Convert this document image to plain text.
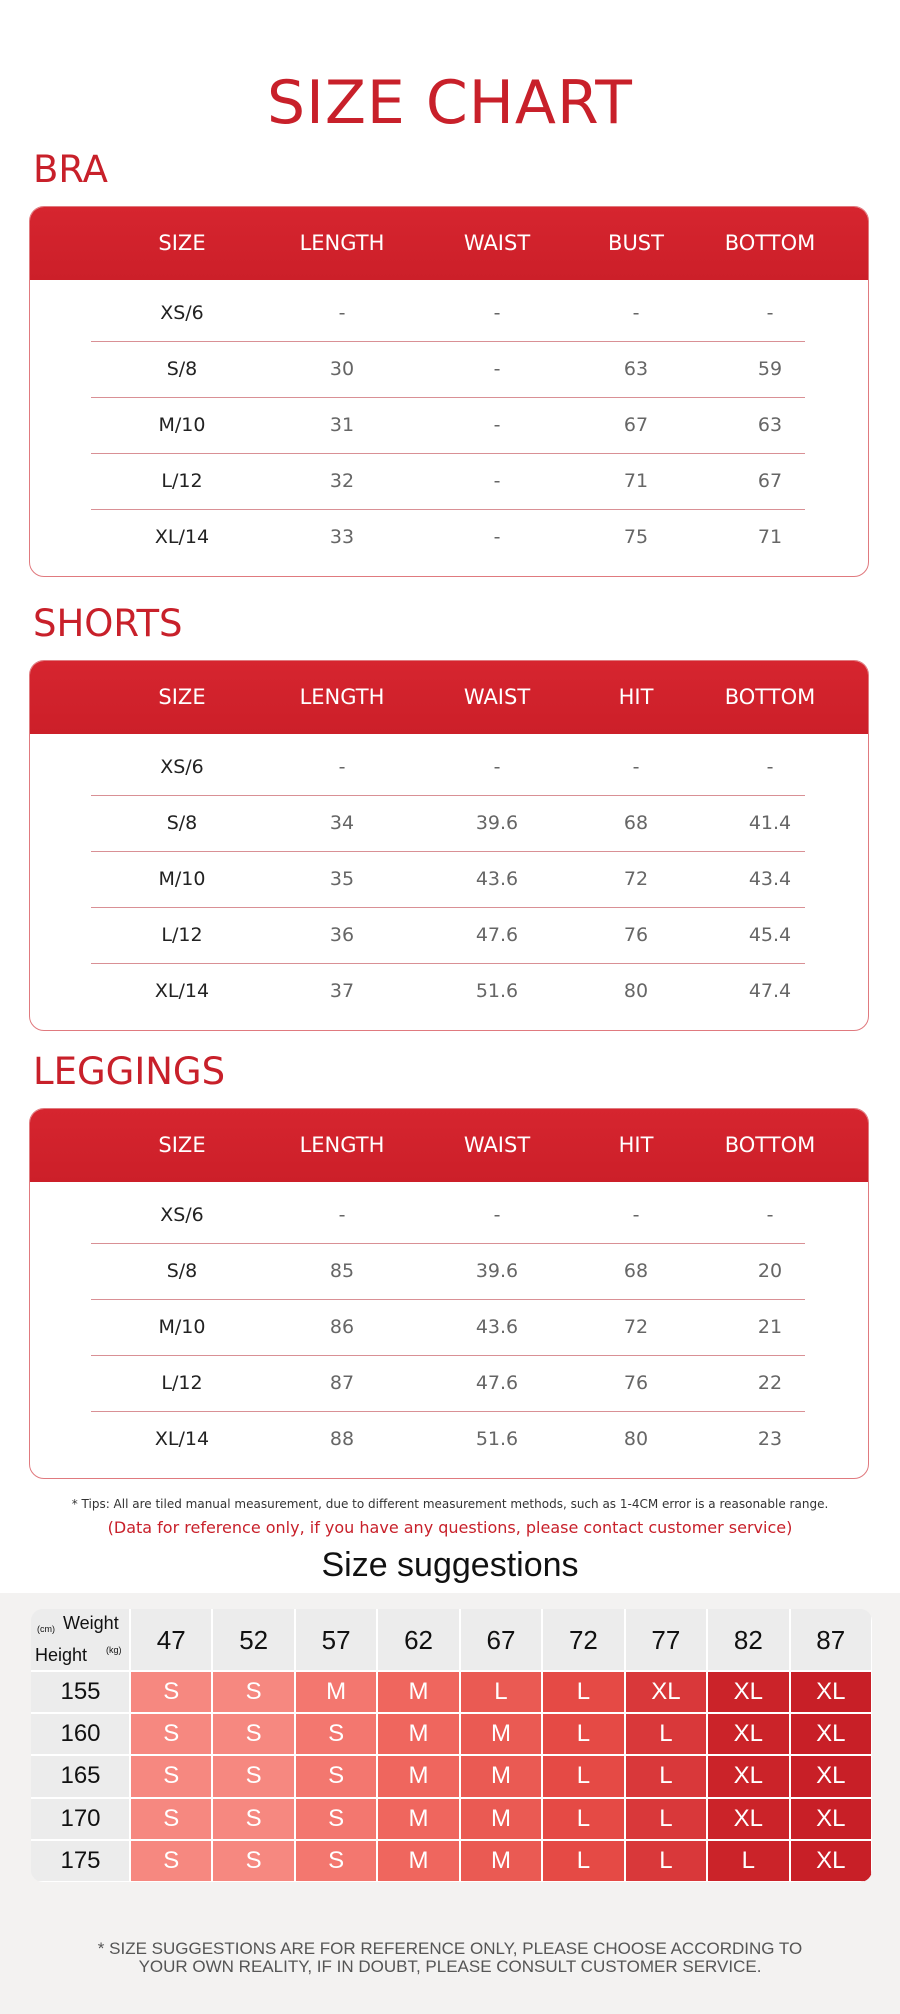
SIZE CHART
BRA
SIZE	LENGTH	WAIST	BUST	BOTTOM
XS/6	-	-	-	-
S/8	30	-	63	59
M/10	31	-	67	63
L/12	32	-	71	67
XL/14	33	-	75	71
SHORTS
SIZE	LENGTH	WAIST	HIT	BOTTOM
XS/6	-	-	-	-
S/8	34	39.6	68	41.4
M/10	35	43.6	72	43.4
L/12	36	47.6	76	45.4
XL/14	37	51.6	80	47.4
LEGGINGS
SIZE	LENGTH	WAIST	HIT	BOTTOM
XS/6	-	-	-	-
S/8	85	39.6	68	20
M/10	86	43.6	72	21
L/12	87	47.6	76	22
XL/14	88	51.6	80	23
* Tips: All are tiled manual measurement, due to different measurement methods, such as 1-4CM error is a reasonable range.
(Data for reference only, if you have any questions, please contact customer service)
Size suggestions
(cm) Weight
Height (kg)	47	52	57	62	67	72	77	82	87
155	S	S	M	M	L	L	XL	XL	XL
160	S	S	S	M	M	L	L	XL	XL
165	S	S	S	M	M	L	L	XL	XL
170	S	S	S	M	M	L	L	XL	XL
175	S	S	S	M	M	L	L	L	XL
* SIZE SUGGESTIONS ARE FOR REFERENCE ONLY, PLEASE CHOOSE ACCORDING TO
YOUR OWN REALITY, IF IN DOUBT, PLEASE CONSULT CUSTOMER SERVICE.
